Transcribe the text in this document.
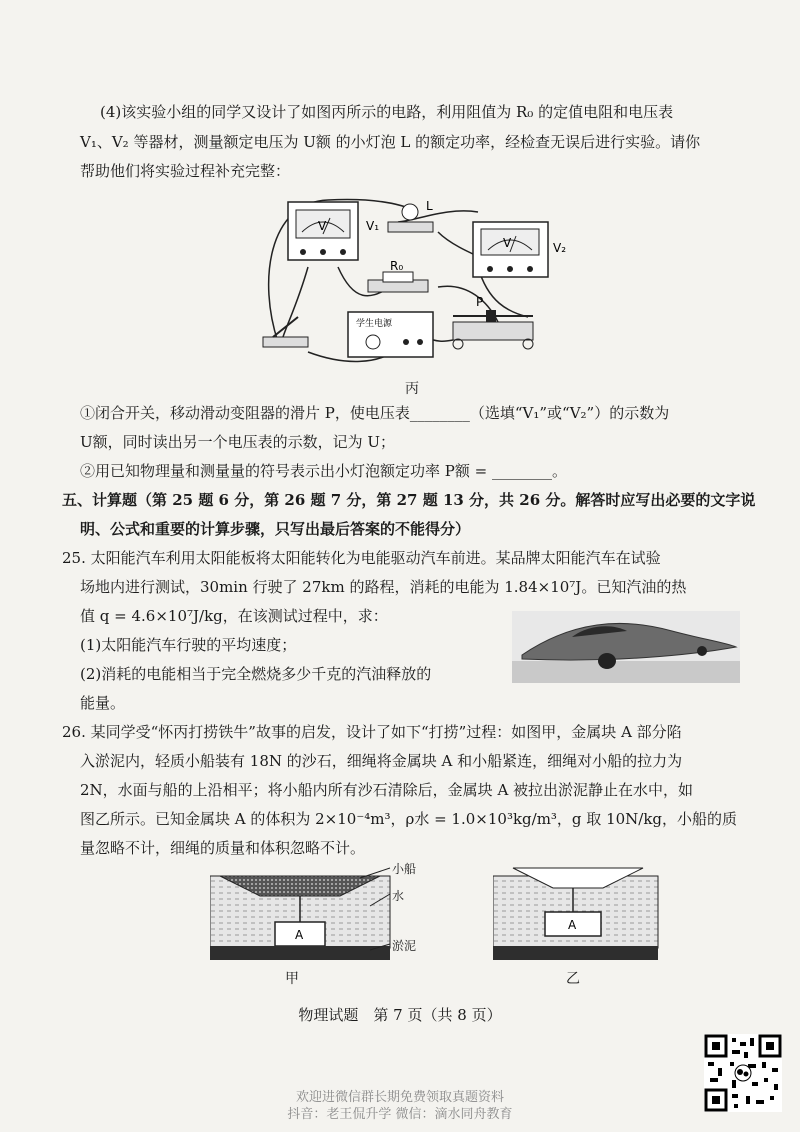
(4)该实验小组的同学又设计了如图丙所示的电路，利用阻值为 R₀ 的定值电阻和电压表
V₁、V₂ 等器材，测量额定电压为 U额 的小灯泡 L 的额定功率，经检查无误后进行实验。请你
帮助他们将实验过程补充完整：
V	V₁
L
V	V₂
R₀
学生电源
P
丙
①闭合开关，移动滑动变阻器的滑片 P，使电压表________（选填“V₁”或“V₂”）的示数为
U额，同时读出另一个电压表的示数，记为 U；
②用已知物理量和测量量的符号表示出小灯泡额定功率 P额 = ________。
五、计算题（第 25 题 6 分，第 26 题 7 分，第 27 题 13 分，共 26 分。解答时应写出必要的文字说
明、公式和重要的计算步骤，只写出最后答案的不能得分）
25. 太阳能汽车利用太阳能板将太阳能转化为电能驱动汽车前进。某品牌太阳能汽车在试验
场地内进行测试，30min 行驶了 27km 的路程，消耗的电能为 1.84×10⁷J。已知汽油的热
值 q = 4.6×10⁷J/kg，在该测试过程中，求：
(1)太阳能汽车行驶的平均速度；
(2)消耗的电能相当于完全燃烧多少千克的汽油释放的
能量。
26. 某同学受“怀丙打捞铁牛”故事的启发，设计了如下“打捞”过程：如图甲，金属块 A 部分陷
入淤泥内，轻质小船装有 18N 的沙石，细绳将金属块 A 和小船紧连，细绳对小船的拉力为
2N，水面与船的上沿相平；将小船内所有沙石清除后，金属块 A 被拉出淤泥静止在水中，如
图乙所示。已知金属块 A 的体积为 2×10⁻⁴m³，ρ水 = 1.0×10³kg/m³，g 取 10N/kg，小船的质
量忽略不计，细绳的质量和体积忽略不计。
A
小船
水
淤泥
甲
A
乙
物理试题　第 7 页（共 8 页）
欢迎进微信群长期免费领取真题资料
抖音：老王侃升学 微信：滴水同舟教育
